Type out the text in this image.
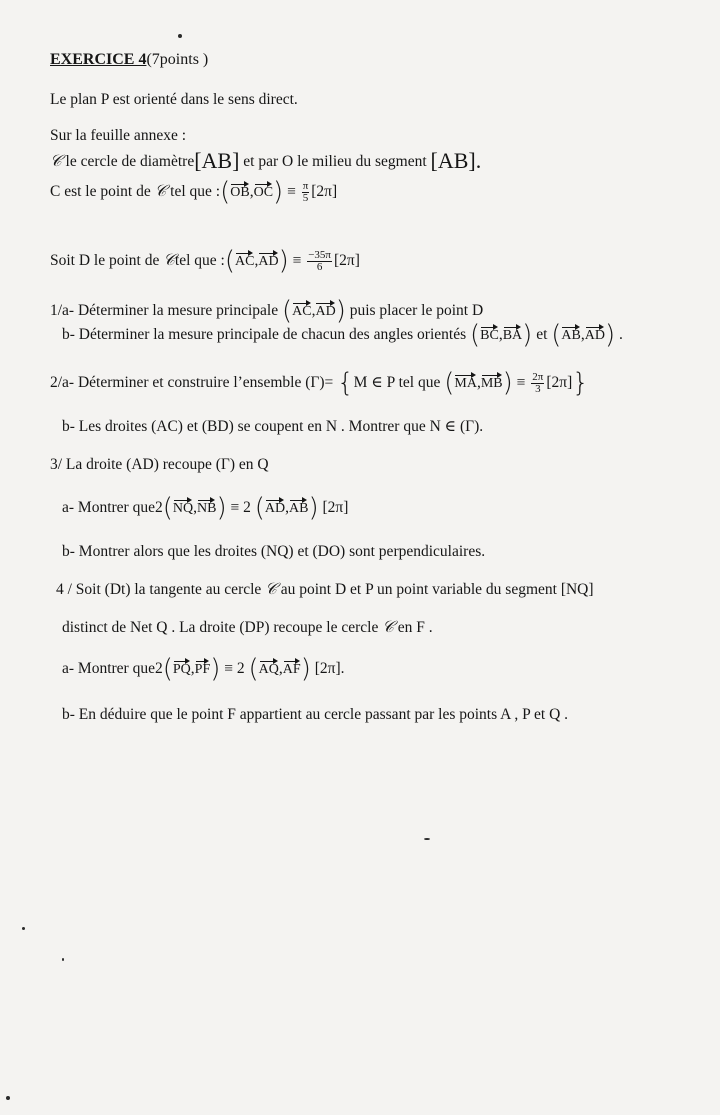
EXERCICE 4(7points )
Le plan P est orienté dans le sens direct.
Sur la feuille annexe :
𝒞 le cercle de diamètre[AB] et par O le milieu du segment [AB].
C est le point de 𝒞 tel que :(OB,OC) ≡ $\frac{\pi}{5} [2\pi]$
Soit D le point de 𝒞tel que :(AC,AD) ≡ $\frac{-35\pi}{6} [2\pi]$
1/a- Déterminer la mesure principale (AC,AD) puis placer le point D
b- Déterminer la mesure principale de chacun des angles orientés (BC,BA) et (AB,AD) .
2/a- Déterminer et construire l’ensemble (Γ)= {M ∈ P tel que $(MA,MB) \equiv \frac{2\pi}{3} [2\pi]$}
b- Les droites (AC) et (BD) se coupent en N . Montrer que N ∈ (Γ).
3/ La droite (AD) recoupe (Γ) en Q
a- Montrer que2(NQ,NB) ≡ 2 (AD,AB) [2π]
b- Montrer alors que les droites (NQ) et (DO) sont perpendiculaires.
4 / Soit (Dt) la tangente au cercle 𝒞 au point D et P un point variable du segment [NQ]
distinct de Net Q . La droite (DP) recoupe le cercle 𝒞 en F .
a- Montrer que2(PQ,PF) ≡ 2 (AQ,AF) [2π].
b- En déduire que le point F appartient au cercle passant par les points A , P et Q .
